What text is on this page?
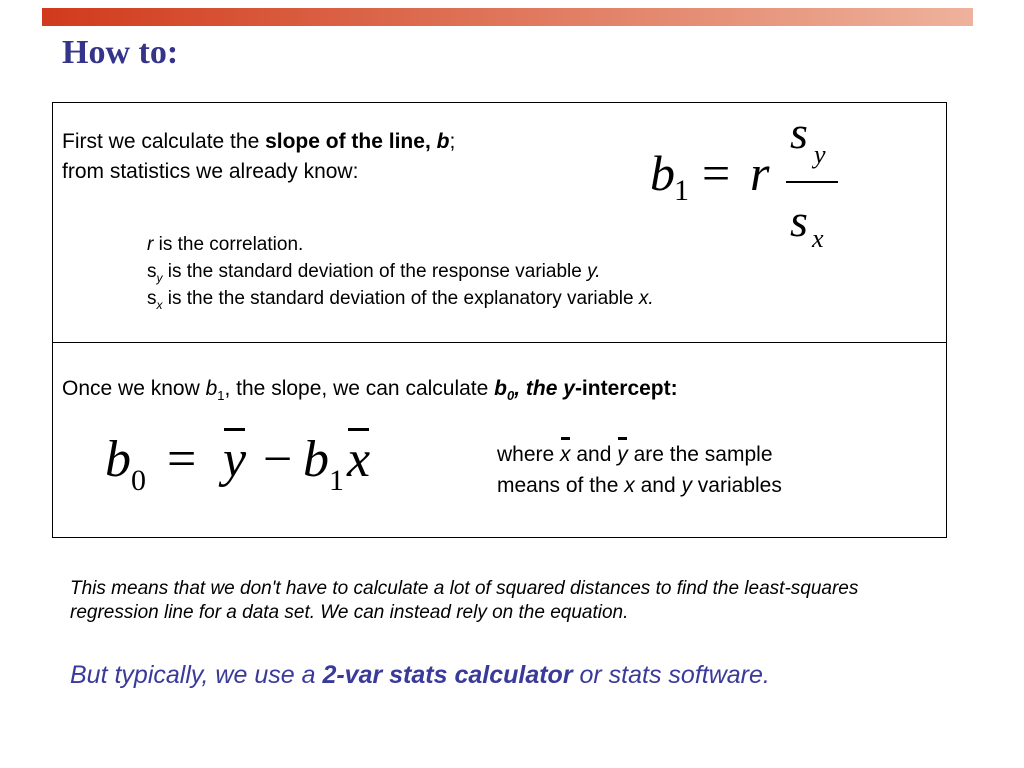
How to:
First we calculate the slope of the line, b;
from statistics we already know:	b 1 = r
s y
s x
r is the correlation.
$s_y$ is the standard deviation of the response variable y.
$s_x$ is the the standard deviation of the explanatory variable x.
Once we know $b_1$, the slope, we can calculate $b_0$, the y-intercept:
b 0 = y − b 1 x	where x and y are the sample
means of the x and y variables
This means that we don't have to calculate a lot of squared distances to find the least-squares regression line for a data set. We can instead rely on the equation.
But typically, we use a 2-var stats calculator or stats software.
